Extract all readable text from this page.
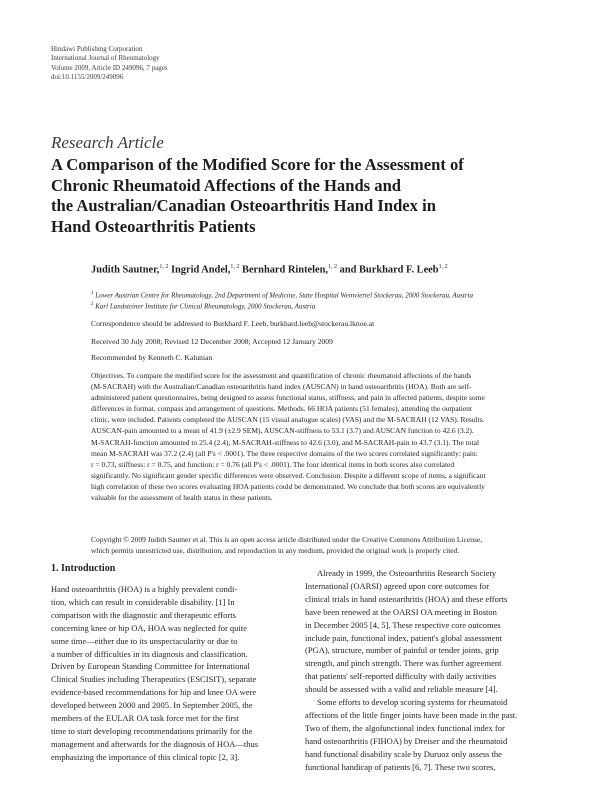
Hindawi Publishing Corporation
International Journal of Rheumatology
Volume 2009, Article ID 249096, 7 pages
doi:10.1155/2009/249096
Research Article
A Comparison of the Modified Score for the Assessment of
Chronic Rheumatoid Affections of the Hands and
the Australian/Canadian Osteoarthritis Hand Index in
Hand Osteoarthritis Patients
Judith Sautner,$^{1, 2}$ Ingrid Andel,$^{1, 2}$ Bernhard Rintelen,$^{1, 2}$ and Burkhard F. Leeb$^{1, 2}$
$^1$ Lower Austrian Centre for Rheumatology, 2nd Department of Medicine, State Hospital Weinviertel Stockerau, 2000 Stockerau, Austria
$^2$ Karl Landsteiner Institute for Clinical Rheumatology, 2000 Stockerau, Austria
Correspondence should be addressed to Burkhard F. Leeb, burkhard.leeb@stockerau.lknoe.at
Received 30 July 2008; Revised 12 December 2008; Accepted 12 January 2009
Recommended by Kenneth C. Kalunian
Objectives. To compare the modified score for the assessment and quantification of chronic rheumatoid affections of the hands
(M-SACRAH) with the Australian/Canadian osteoarthritis hand index (AUSCAN) in hand osteoarthritis (HOA). Both are self-
administered patient questionnaires, being designed to assess functional status, stiffness, and pain in affected patients, despite some
differences in format, compass and arrangement of questions. Methods. 66 HOA patients (51 females), attending the outpatient
clinic, were included. Patients completed the AUSCAN (15 visual analogue scales) (VAS) and the M-SACRAH (12 VAS). Results.
AUSCAN-pain amounted to a mean of 41.9 (±2.9 SEM), AUSCAN-stiffness to 53.1 (3.7) and AUSCAN function to 42.6 (3.2).
M-SACRAH-function amounted to 25.4 (2.4), M-SACRAH-stiffness to 42.6 (3.0), and M-SACRAH-pain to 43.7 (3.1). The total
mean M-SACRAH was 37.2 (2.4) (all P's < .0001). The three respective domains of the two scores correlated significantly: pain:
r = 0.73, stiffness: r = 0.75, and function: r = 0.76 (all P's < .0001). The four identical items in both scores also correlated
significantly. No significant gender specific differences were observed. Conclusion. Despite a different scope of items, a significant
high correlation of these two scores evaluating HOA patients could be demonstrated. We conclude that both scores are equivalently
valuable for the assessment of health status in these patients.
Copyright © 2009 Judith Sautner et al. This is an open access article distributed under the Creative Commons Attribution License,
which permits unrestricted use, distribution, and reproduction in any medium, provided the original work is properly cited.
1. Introduction
Hand osteoarthritis (HOA) is a highly prevalent condi-
tion, which can result in considerable disability. [1] In
comparison with the diagnostic and therapeutic efforts
concerning knee or hip OA, HOA was neglected for quite
some time—either due to its unspectacularity or due to
a number of difficulties in its diagnosis and classification.
Driven by European Standing Committee for International
Clinical Studies including Therapeutics (ESCISIT), separate
evidence-based recommendations for hip and knee OA were
developed between 2000 and 2005. In September 2005, the
members of the EULAR OA task force met for the first
time to start developing recommendations primarily for the
management and afterwards for the diagnosis of HOA—thus
emphasizing the importance of this clinical topic [2, 3].
Already in 1999, the Osteoarthritis Research Society
International (OARSI) agreed upon core outcomes for
clinical trials in hand osteoarthritis (HOA) and these efforts
have been renewed at the OARSI OA meeting in Boston
in December 2005 [4, 5]. These respective core outcomes
include pain, functional index, patient's global assessment
(PGA), structure, number of painful or tender joints, grip
strength, and pinch strength. There was further agreement
that patients' self-reported difficulty with daily activities
should be assessed with a valid and reliable measure [4].
Some efforts to develop scoring systems for rheumatoid
affections of the little finger joints have been made in the past.
Two of them, the algofunctional index functional index for
hand osteoarthritis (FIHOA) by Dreiser and the rheumatoid
hand functional disability scale by Duruoz only assess the
functional handicap of patients [6, 7]. These two scores,
